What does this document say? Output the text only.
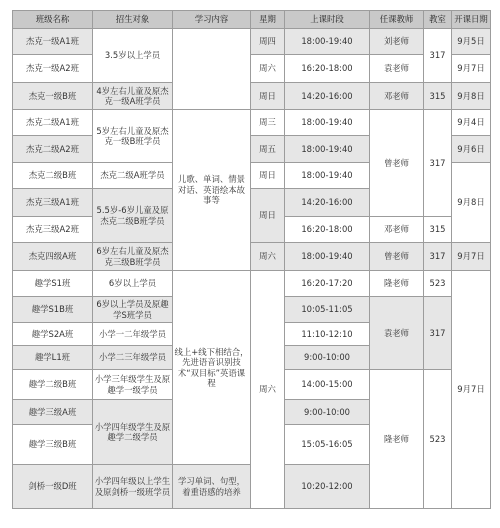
班级名称	招生对象	学习内容	星期	上课时段	任课教师	教室	开课日期
杰克一级A1班	3.5岁以上学员		周四	18:00-19:40	刘老师	317	9月5日
杰克一级A2班			周六	16:20-18:00	袁老师		9月7日
杰克一级B班	4岁左右儿童及原杰克一级A班学员		周日	14:20-16:00	邓老师	315	9月8日
杰克二级A1班	5岁左右儿童及原杰克一级B班学员	儿歌、单词、情景对话、英语绘本故事等	周三	18:00-19:40	曾老师	317	9月4日
杰克二级A2班			周五	18:00-19:40			9月6日
杰克二级B班	杰克二级A班学员		周日	18:00-19:40			9月8日
杰克三级A1班	5.5岁-6岁儿童及原杰克二级B班学员		周日	14:20-16:00			
杰克三级A2班				16:20-18:00	邓老师	315	
杰克四级A班	6岁左右儿童及原杰克三级B班学员		周六	18:00-19:40	曾老师	317	9月7日
趣学S1班	6岁以上学员	线上+线下相结合，先进语音识别技术“双目标”英语课程	周六	16:20-17:20	隆老师	523	9月7日
趣学S1B班	6岁以上学员及原趣学S班学员			10:05-11:05	袁老师	317	
趣学S2A班	小学一二年级学员			11:10-12:10			
趣学L1班	小学二三年级学员			9:00-10:00			
趣学二级B班	小学三年级学生及原趣学一级学员			14:00-15:00	隆老师	523	
趣学三级A班	小学四年级学生及原趣学二级学员			9:00-10:00			
趣学三级B班				15:05-16:05			
剑桥一级D班	小学四年级以上学生及原剑桥一级班学员	学习单词、句型，着重语感的培养		10:20-12:00			
